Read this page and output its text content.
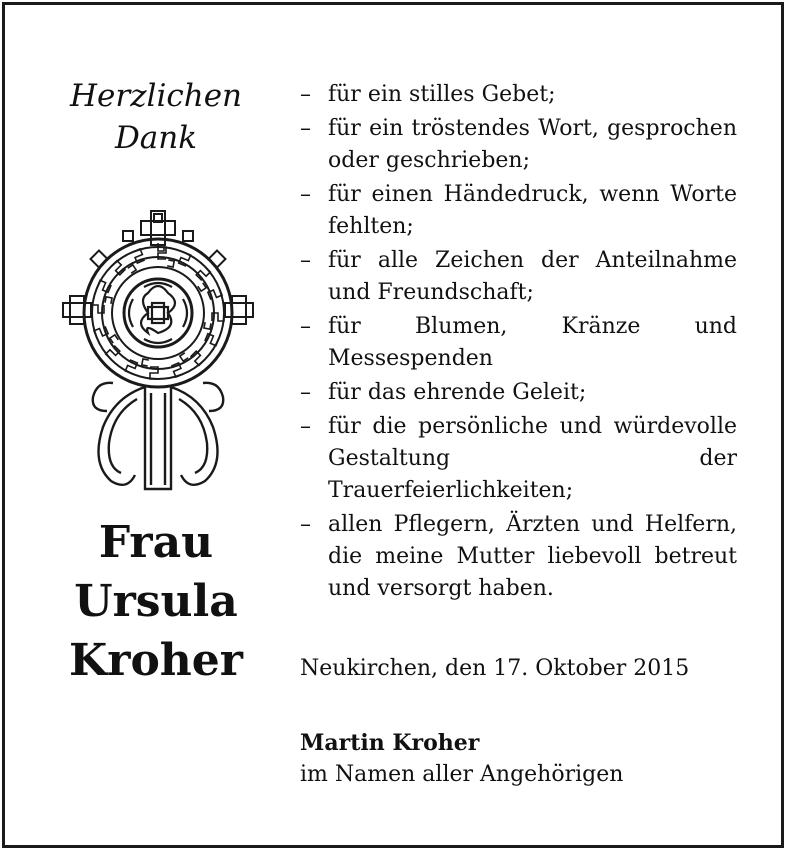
Herzlichen
Dank
Frau
Ursula
Kroher
– für ein stilles Gebet;
– für ein tröstendes Wort, gesprochen oder geschrieben;
– für einen Händedruck, wenn Worte fehlten;
– für alle Zeichen der Anteilnahme und Freundschaft;
– für Blumen, Kränze und Messespenden
– für das ehrende Geleit;
– für die persönliche und würdevolle Gestaltung der Trauerfeierlichkeiten;
– allen Pflegern, Ärzten und Helfern, die meine Mutter liebevoll betreut und versorgt haben.
Neukirchen, den 17. Oktober 2015
Martin Kroher
im Namen aller Angehörigen
